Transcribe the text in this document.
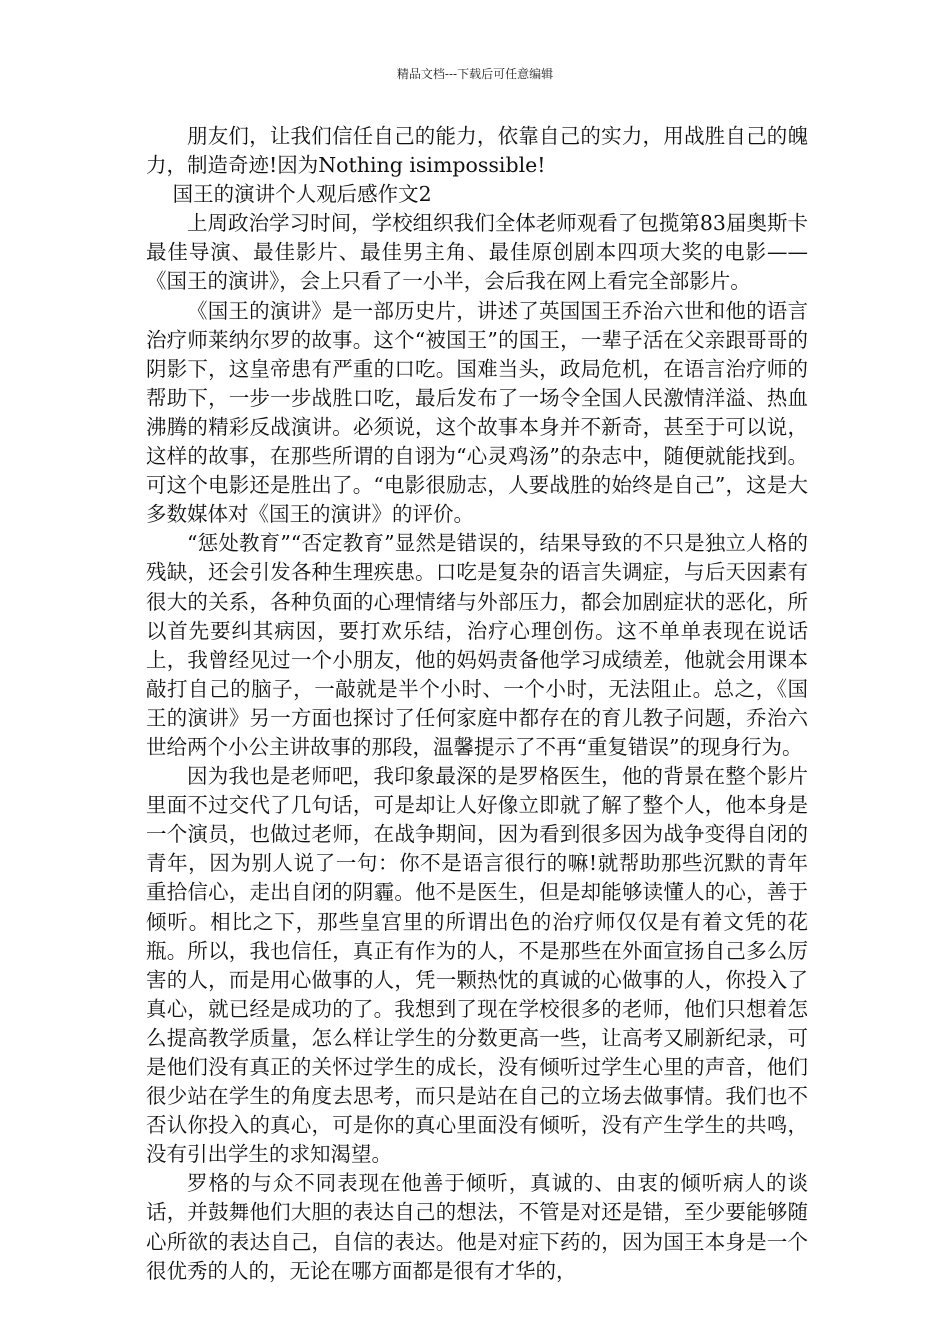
精品文档---下载后可任意编辑

朋友们，让我们信任自己的能力，依靠自己的实力，用战胜自己的魄力，制造奇迹!因为Nothing isimpossible!

国王的演讲个人观后感作文2

上周政治学习时间，学校组织我们全体老师观看了包揽第83届奥斯卡最佳导演、最佳影片、最佳男主角、最佳原创剧本四项大奖的电影——《国王的演讲》，会上只看了一小半，会后我在网上看完全部影片。

《国王的演讲》是一部历史片，讲述了英国国王乔治六世和他的语言治疗师莱纳尔罗的故事。这个“被国王”的国王，一辈子活在父亲跟哥哥的阴影下，这皇帝患有严重的口吃。国难当头，政局危机，在语言治疗师的帮助下，一步一步战胜口吃，最后发布了一场令全国人民激情洋溢、热血沸腾的精彩反战演讲。必须说，这个故事本身并不新奇，甚至于可以说，这样的故事，在那些所谓的自诩为“心灵鸡汤”的杂志中，随便就能找到。可这个电影还是胜出了。“电影很励志，人要战胜的始终是自己”，这是大多数媒体对《国王的演讲》的评价。

“惩处教育”“否定教育”显然是错误的，结果导致的不只是独立人格的残缺，还会引发各种生理疾患。口吃是复杂的语言失调症，与后天因素有很大的关系，各种负面的心理情绪与外部压力，都会加剧症状的恶化，所以首先要纠其病因，要打欢乐结，治疗心理创伤。这不单单表现在说话上，我曾经见过一个小朋友，他的妈妈责备他学习成绩差，他就会用课本敲打自己的脑子，一敲就是半个小时、一个小时，无法阻止。总之，《国王的演讲》另一方面也探讨了任何家庭中都存在的育儿教子问题，乔治六世给两个小公主讲故事的那段，温馨提示了不再“重复错误”的现身行为。

因为我也是老师吧，我印象最深的是罗格医生，他的背景在整个影片里面不过交代了几句话，可是却让人好像立即就了解了整个人，他本身是一个演员，也做过老师，在战争期间，因为看到很多因为战争变得自闭的青年，因为别人说了一句：你不是语言很行的嘛!就帮助那些沉默的青年重拾信心，走出自闭的阴霾。他不是医生，但是却能够读懂人的心，善于倾听。相比之下，那些皇宫里的所谓出色的治疗师仅仅是有着文凭的花瓶。所以，我也信任，真正有作为的人，不是那些在外面宣扬自己多么厉害的人，而是用心做事的人，凭一颗热忱的真诚的心做事的人，你投入了真心，就已经是成功的了。我想到了现在学校很多的老师，他们只想着怎么提高教学质量，怎么样让学生的分数更高一些，让高考又刷新纪录，可是他们没有真正的关怀过学生的成长，没有倾听过学生心里的声音，他们很少站在学生的角度去思考，而只是站在自己的立场去做事情。我们也不否认你投入的真心，可是你的真心里面没有倾听，没有产生学生的共鸣，没有引出学生的求知渴望。

罗格的与众不同表现在他善于倾听，真诚的、由衷的倾听病人的谈话，并鼓舞他们大胆的表达自己的想法，不管是对还是错，至少要能够随心所欲的表达自己，自信的表达。他是对症下药的，因为国王本身是一个很优秀的人的，无论在哪方面都是很有才华的，
